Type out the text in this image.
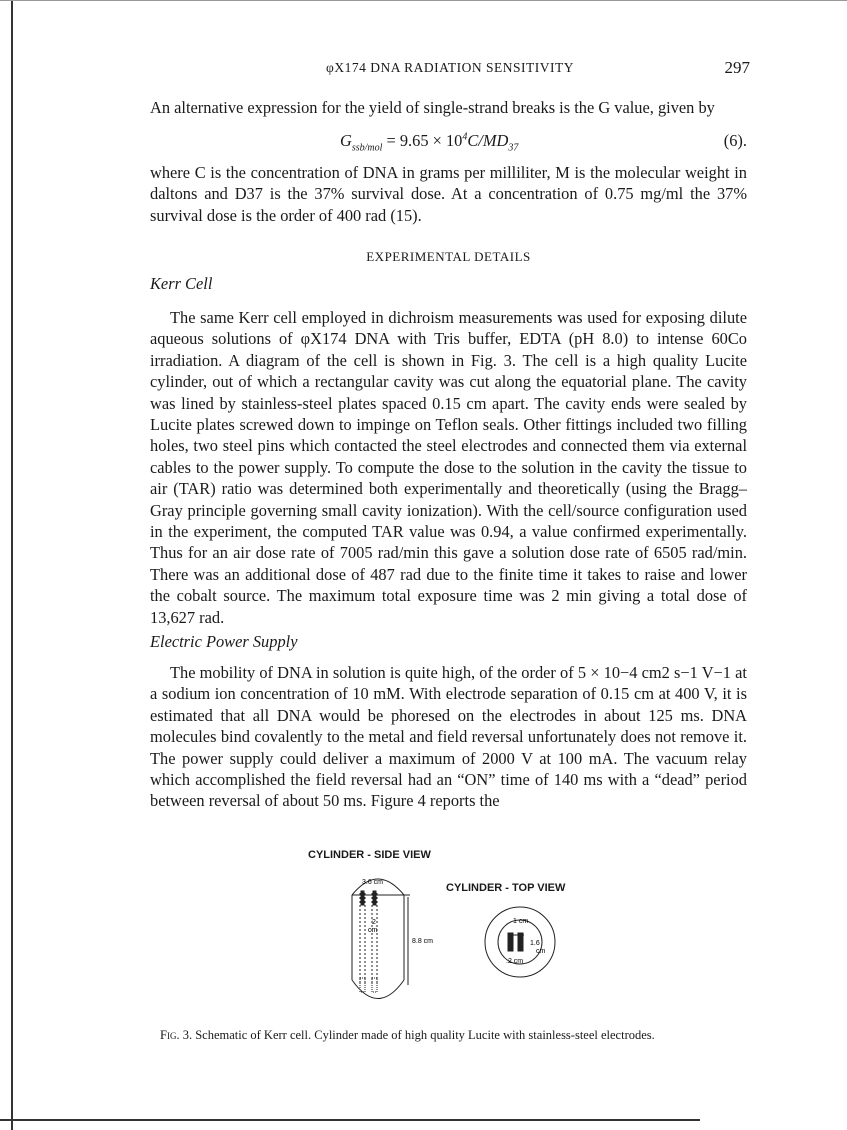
φX174 DNA RADIATION SENSITIVITY	297
An alternative expression for the yield of single-strand breaks is the G value, given by
$G_{ssb/mol} = 9.65 \times 10^4C/MD_{37}$	(6).
where C is the concentration of DNA in grams per milliliter, M is the molecular weight in daltons and D37 is the 37% survival dose. At a concentration of 0.75 mg/ml the 37% survival dose is the order of 400 rad (15).
EXPERIMENTAL DETAILS
Kerr Cell
The same Kerr cell employed in dichroism measurements was used for exposing dilute aqueous solutions of φX174 DNA with Tris buffer, EDTA (pH 8.0) to intense 60Co irradiation. A diagram of the cell is shown in Fig. 3. The cell is a high quality Lucite cylinder, out of which a rectangular cavity was cut along the equatorial plane. The cavity was lined by stainless-steel plates spaced 0.15 cm apart. The cavity ends were sealed by Lucite plates screwed down to impinge on Teflon seals. Other fittings included two filling holes, two steel pins which contacted the steel electrodes and connected them via external cables to the power supply. To compute the dose to the solution in the cavity the tissue to air (TAR) ratio was determined both experimentally and theoretically (using the Bragg–Gray principle governing small cavity ionization). With the cell/source configuration used in the experiment, the computed TAR value was 0.94, a value confirmed experimentally. Thus for an air dose rate of 7005 rad/min this gave a solution dose rate of 6505 rad/min. There was an additional dose of 487 rad due to the finite time it takes to raise and lower the cobalt source. The maximum total exposure time was 2 min giving a total dose of 13,627 rad.
Electric Power Supply
The mobility of DNA in solution is quite high, of the order of 5 × 10−4 cm2 s−1 V−1 at a sodium ion concentration of 10 mM. With electrode separation of 0.15 cm at 400 V, it is estimated that all DNA would be phoresed on the electrodes in about 125 ms. DNA molecules bind covalently to the metal and field reversal unfortunately does not remove it. The power supply could deliver a maximum of 2000 V at 100 mA. The vacuum relay which accomplished the field reversal had an “ON” time of 140 ms with a “dead” period between reversal of about 50 ms. Figure 4 reports the
CYLINDER - SIDE VIEW
CYLINDER - TOP VIEW
3.6 cm
2
cm
8.8 cm
1 cm
1.6
cm
.2 cm
Fig. 3. Schematic of Kerr cell. Cylinder made of high quality Lucite with stainless-steel electrodes.
